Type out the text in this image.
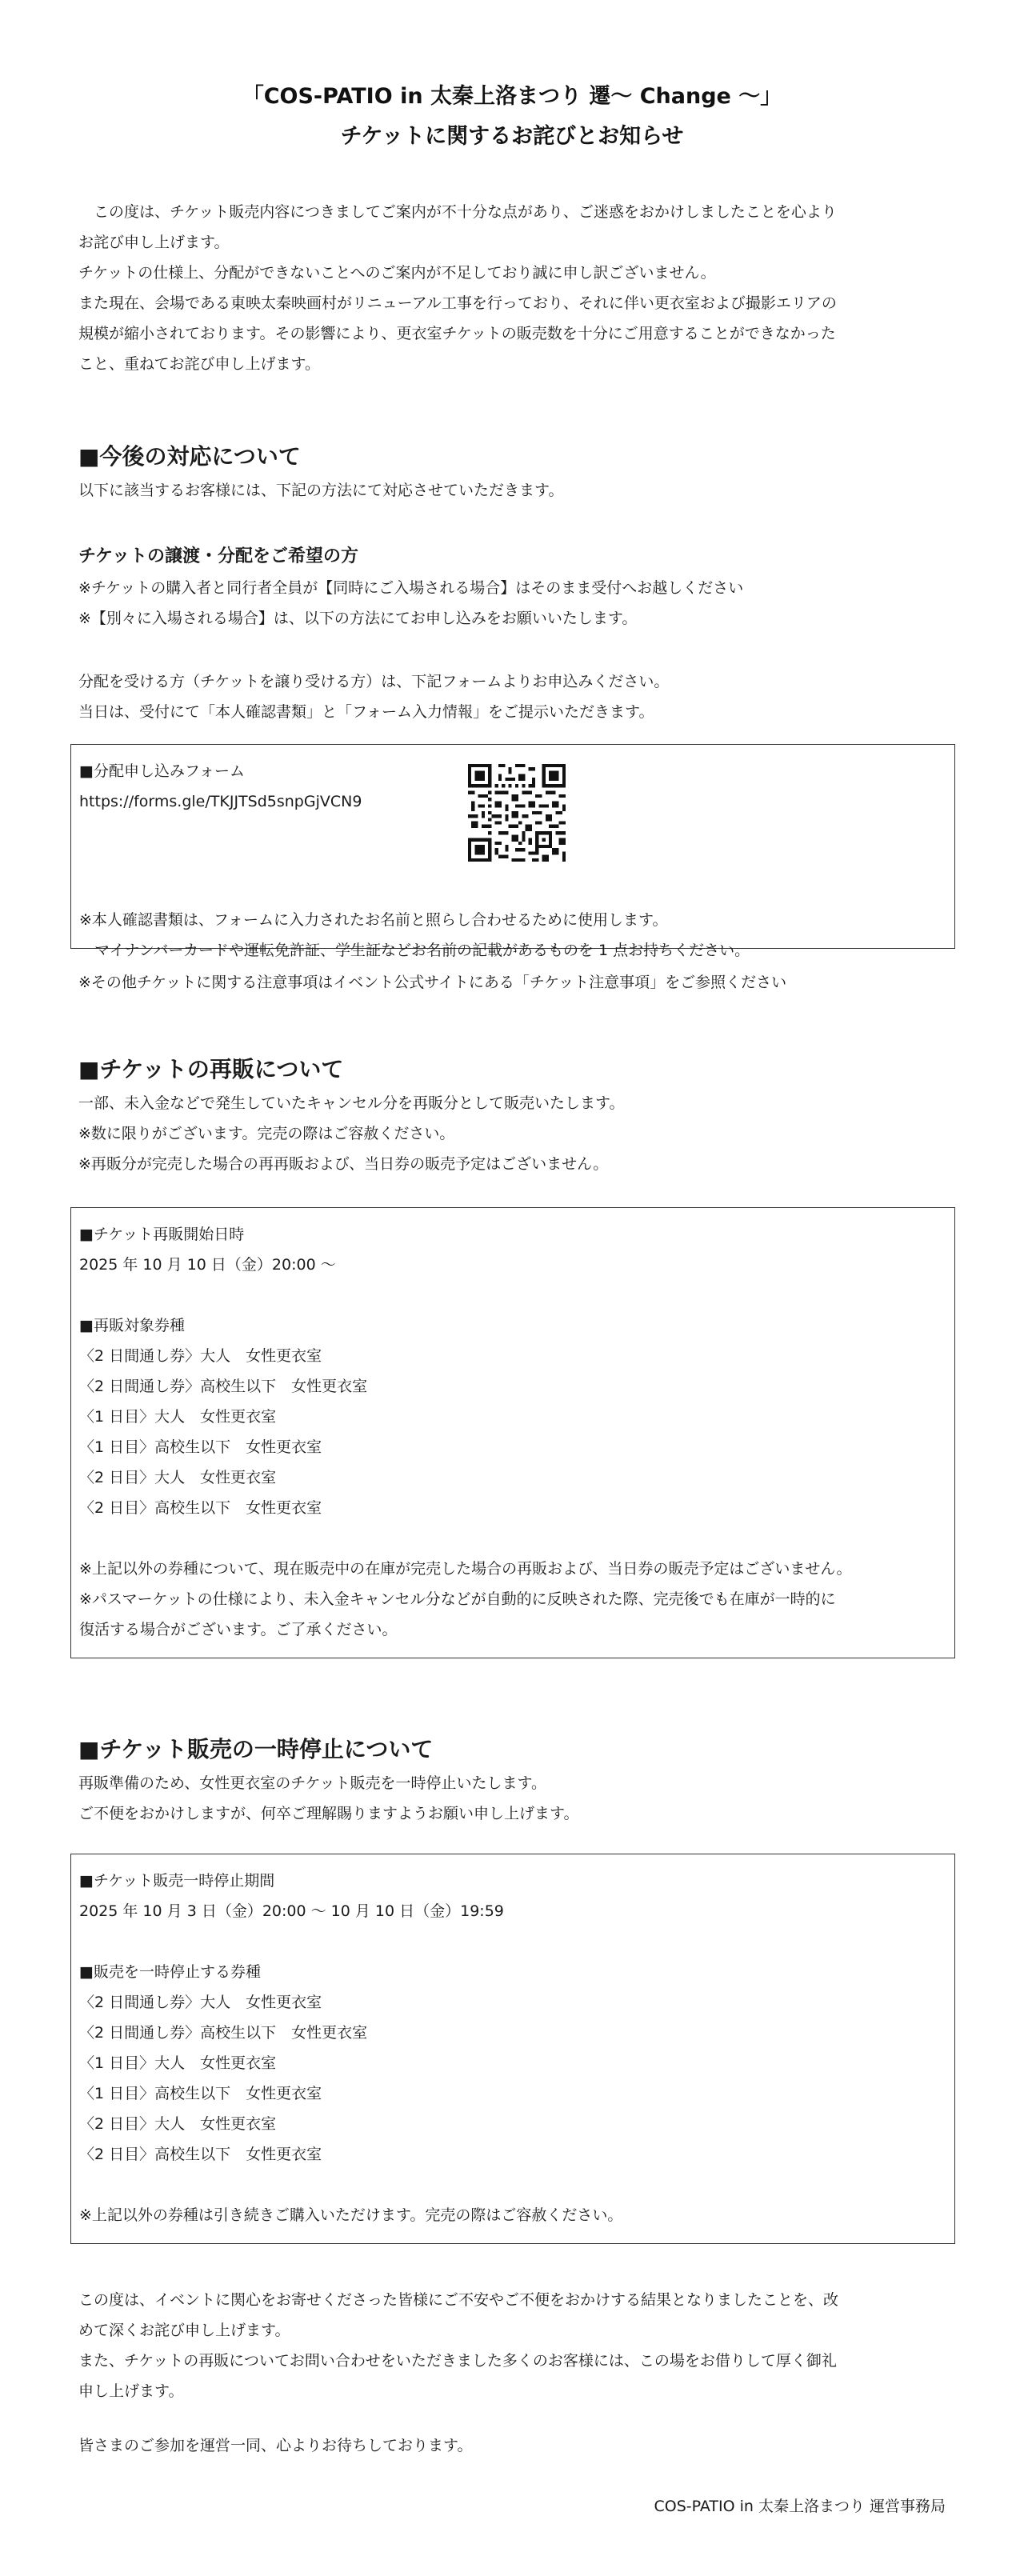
「COS-PATIO in 太秦上洛まつり 遷〜 Change 〜」
チケットに関するお詫びとお知らせ

　この度は、チケット販売内容につきましてご案内が不十分な点があり、ご迷惑をおかけしましたことを心より

お詫び申し上げます。

チケットの仕様上、分配ができないことへのご案内が不足しており誠に申し訳ございません。

また現在、会場である東映太秦映画村がリニューアル工事を行っており、それに伴い更衣室および撮影エリアの

規模が縮小されております。その影響により、更衣室チケットの販売数を十分にご用意することができなかった

こと、重ねてお詫び申し上げます。

■今後の対応について

以下に該当するお客様には、下記の方法にて対応させていただきます。

チケットの譲渡・分配をご希望の方

※チケットの購入者と同行者全員が【同時にご入場される場合】はそのまま受付へお越しください

※【別々に入場される場合】は、以下の方法にてお申し込みをお願いいたします。

分配を受ける方（チケットを譲り受ける方）は、下記フォームよりお申込みください。

当日は、受付にて「本人確認書類」と「フォーム入力情報」をご提示いただきます。

■分配申し込みフォーム

https://forms.gle/TKJJTSd5snpGjVCN9

※本人確認書類は、フォームに入力されたお名前と照らし合わせるために使用します。

　マイナンバーカードや運転免許証、学生証などお名前の記載があるものを 1 点お持ちください。

※その他チケットに関する注意事項はイベント公式サイトにある「チケット注意事項」をご参照ください

■チケットの再販について

一部、未入金などで発生していたキャンセル分を再販分として販売いたします。

※数に限りがございます。完売の際はご容赦ください。

※再販分が完売した場合の再再販および、当日券の販売予定はございません。

■チケット再販開始日時

2025 年 10 月 10 日（金）20:00 〜

■再販対象券種

〈2 日間通し券〉大人　女性更衣室

〈2 日間通し券〉高校生以下　女性更衣室

〈1 日目〉大人　女性更衣室

〈1 日目〉高校生以下　女性更衣室

〈2 日目〉大人　女性更衣室

〈2 日目〉高校生以下　女性更衣室

※上記以外の券種について、現在販売中の在庫が完売した場合の再販および、当日券の販売予定はございません。

※パスマーケットの仕様により、未入金キャンセル分などが自動的に反映された際、完売後でも在庫が一時的に

復活する場合がございます。ご了承ください。

■チケット販売の一時停止について

再販準備のため、女性更衣室のチケット販売を一時停止いたします。

ご不便をおかけしますが、何卒ご理解賜りますようお願い申し上げます。

■チケット販売一時停止期間

2025 年 10 月 3 日（金）20:00 〜 10 月 10 日（金）19:59

■販売を一時停止する券種

〈2 日間通し券〉大人　女性更衣室

〈2 日間通し券〉高校生以下　女性更衣室

〈1 日目〉大人　女性更衣室

〈1 日目〉高校生以下　女性更衣室

〈2 日目〉大人　女性更衣室

〈2 日目〉高校生以下　女性更衣室

※上記以外の券種は引き続きご購入いただけます。完売の際はご容赦ください。

この度は、イベントに関心をお寄せくださった皆様にご不安やご不便をおかけする結果となりましたことを、改

めて深くお詫び申し上げます。

また、チケットの再販についてお問い合わせをいただきました多くのお客様には、この場をお借りして厚く御礼

申し上げます。

皆さまのご参加を運営一同、心よりお待ちしております。

COS-PATIO in 太秦上洛まつり 運営事務局
